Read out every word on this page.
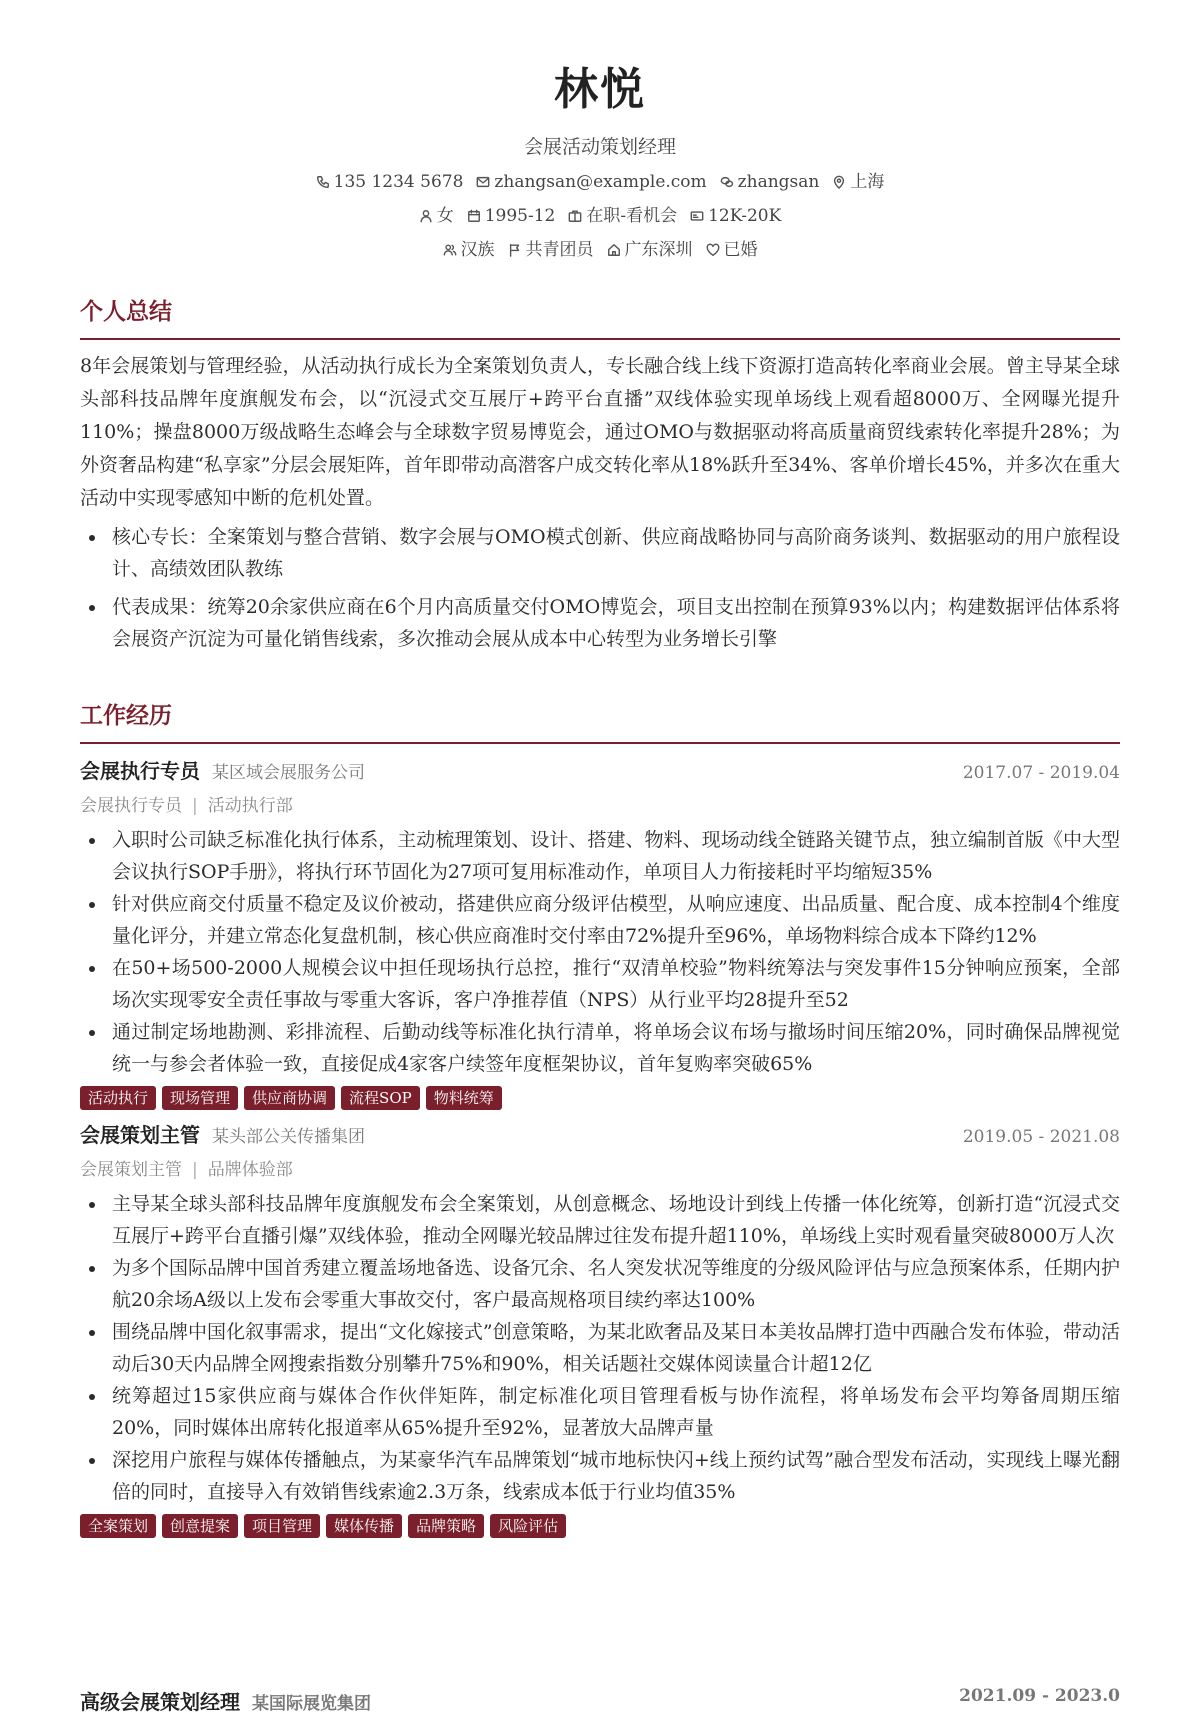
林悦
会展活动策划经理
135 1234 5678 zhangsan@example.com zhangsan 上海
女 1995-12 在职-看机会 12K-20K
汉族 共青团员 广东深圳 已婚
个人总结
8年会展策划与管理经验，从活动执行成长为全案策划负责人，专长融合线上线下资源打造高转化率商业会展。曾主导某全球头部科技品牌年度旗舰发布会，以“沉浸式交互展厅+跨平台直播”双线体验实现单场线上观看超8000万、全网曝光提升110%；操盘8000万级战略生态峰会与全球数字贸易博览会，通过OMO与数据驱动将高质量商贸线索转化率提升28%；为外资奢品构建“私享家”分层会展矩阵，首年即带动高潜客户成交转化率从18%跃升至34%、客单价增长45%，并多次在重大活动中实现零感知中断的危机处置。
核心专长：全案策划与整合营销、数字会展与OMO模式创新、供应商战略协同与高阶商务谈判、数据驱动的用户旅程设计、高绩效团队教练
代表成果：统筹20余家供应商在6个月内高质量交付OMO博览会，项目支出控制在预算93%以内；构建数据评估体系将会展资产沉淀为可量化销售线索，多次推动会展从成本中心转型为业务增长引擎
工作经历
会展执行专员 某区域会展服务公司	2017.07 - 2019.04
会展执行专员 | 活动执行部
入职时公司缺乏标准化执行体系，主动梳理策划、设计、搭建、物料、现场动线全链路关键节点，独立编制首版《中大型会议执行SOP手册》，将执行环节固化为27项可复用标准动作，单项目人力衔接耗时平均缩短35%
针对供应商交付质量不稳定及议价被动，搭建供应商分级评估模型，从响应速度、出品质量、配合度、成本控制4个维度量化评分，并建立常态化复盘机制，核心供应商准时交付率由72%提升至96%，单场物料综合成本下降约12%
在50+场500-2000人规模会议中担任现场执行总控，推行“双清单校验”物料统筹法与突发事件15分钟响应预案，全部场次实现零安全责任事故与零重大客诉，客户净推荐值（NPS）从行业平均28提升至52
通过制定场地勘测、彩排流程、后勤动线等标准化执行清单，将单场会议布场与撤场时间压缩20%，同时确保品牌视觉统一与参会者体验一致，直接促成4家客户续签年度框架协议，首年复购率突破65%
活动执行	现场管理	供应商协调	流程SOP	物料统筹
会展策划主管 某头部公关传播集团	2019.05 - 2021.08
会展策划主管 | 品牌体验部
主导某全球头部科技品牌年度旗舰发布会全案策划，从创意概念、场地设计到线上传播一体化统筹，创新打造“沉浸式交互展厅+跨平台直播引爆”双线体验，推动全网曝光较品牌过往发布提升超110%，单场线上实时观看量突破8000万人次
为多个国际品牌中国首秀建立覆盖场地备选、设备冗余、名人突发状况等维度的分级风险评估与应急预案体系，任期内护航20余场A级以上发布会零重大事故交付，客户最高规格项目续约率达100%
围绕品牌中国化叙事需求，提出“文化嫁接式”创意策略，为某北欧奢品及某日本美妆品牌打造中西融合发布体验，带动活动后30天内品牌全网搜索指数分别攀升75%和90%，相关话题社交媒体阅读量合计超12亿
统筹超过15家供应商与媒体合作伙伴矩阵，制定标准化项目管理看板与协作流程，将单场发布会平均筹备周期压缩20%，同时媒体出席转化报道率从65%提升至92%，显著放大品牌声量
深挖用户旅程与媒体传播触点，为某豪华汽车品牌策划“城市地标快闪+线上预约试驾”融合型发布活动，实现线上曝光翻倍的同时，直接导入有效销售线索逾2.3万条，线索成本低于行业均值35%
全案策划	创意提案	项目管理	媒体传播	品牌策略	风险评估
高级会展策划经理 某国际展览集团	2021.09 - 2023.0
